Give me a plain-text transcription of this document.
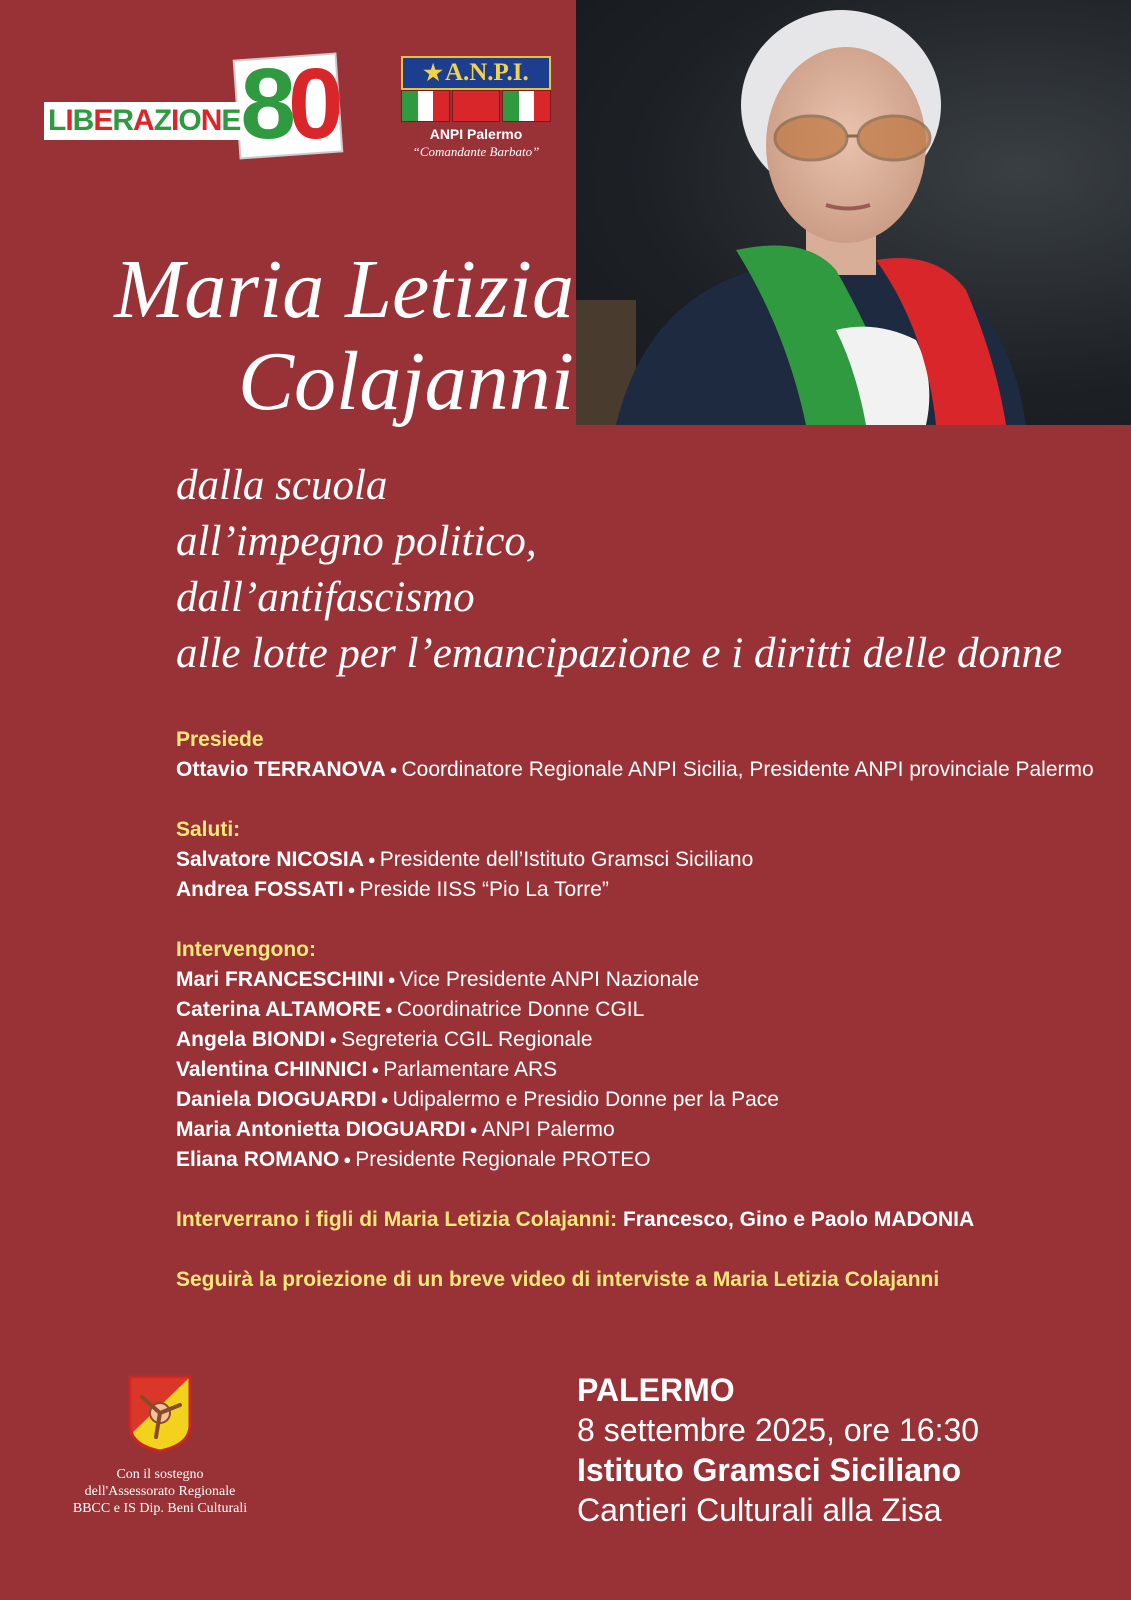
LIBERAZIONE 80	★A.N.P.I.
ANPI Palermo
“Comandante Barbato”
Maria Letizia
Colajanni
dalla scuola
all’impegno politico,
dall’antifascismo
alle lotte per l’emancipazione e i diritti delle donne
Presiede
Ottavio TERRANOVA ● Coordinatore Regionale ANPI Sicilia, Presidente ANPI provinciale Palermo
Saluti:
Salvatore NICOSIA ● Presidente dell’Istituto Gramsci Siciliano
Andrea FOSSATI ● Preside IISS “Pio La Torre”
Intervengono:
Mari FRANCESCHINI ● Vice Presidente ANPI Nazionale
Caterina ALTAMORE ● Coordinatrice Donne CGIL
Angela BIONDI ● Segreteria CGIL Regionale
Valentina CHINNICI ● Parlamentare ARS
Daniela DIOGUARDI ● Udipalermo e Presidio Donne per la Pace
Maria Antonietta DIOGUARDI ● ANPI Palermo
Eliana ROMANO ● Presidente Regionale PROTEO
Interverrano i figli di Maria Letizia Colajanni: Francesco, Gino e Paolo MADONIA
Seguirà la proiezione di un breve video di interviste a Maria Letizia Colajanni
Con il sostegno
dell'Assessorato Regionale
BBCC e IS Dip. Beni Culturali
PALERMO
8 settembre 2025, ore 16:30
Istituto Gramsci Siciliano
Cantieri Culturali alla Zisa
